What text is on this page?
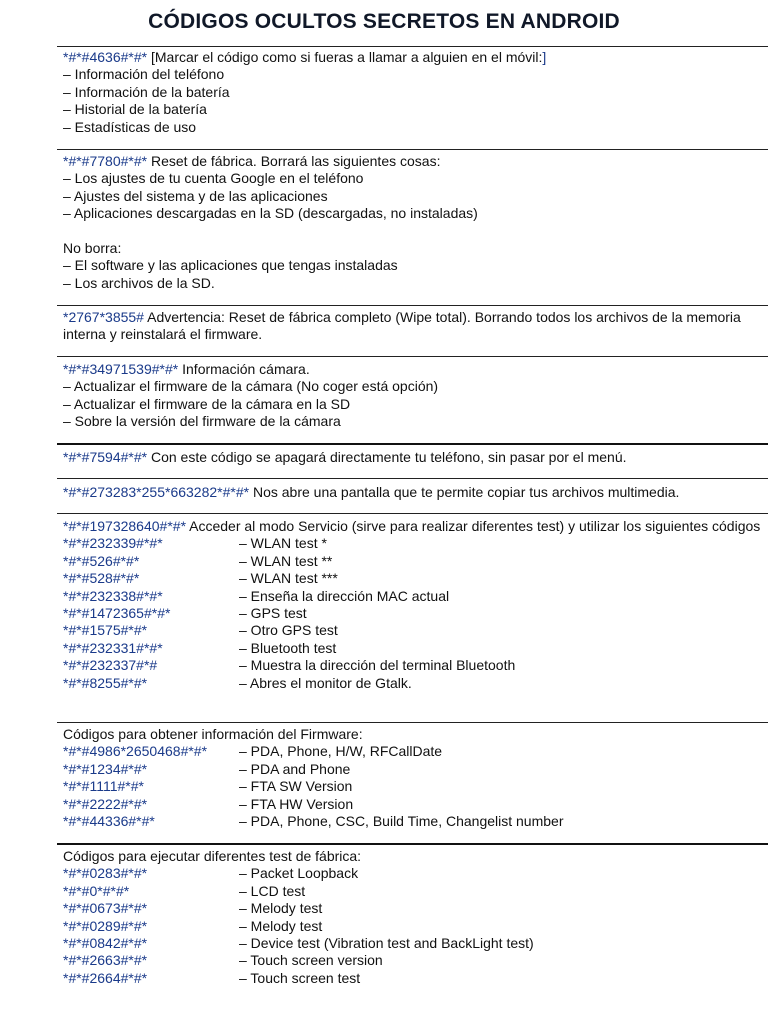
CÓDIGOS OCULTOS SECRETOS EN ANDROID
*#*#4636#*#* [Marcar el código como si fueras a llamar a alguien en el móvil:]
– Información del teléfono
– Información de la batería
– Historial de la batería
– Estadísticas de uso
*#*#7780#*#* Reset de fábrica. Borrará las siguientes cosas:
– Los ajustes de tu cuenta Google en el teléfono
– Ajustes del sistema y de las aplicaciones
– Aplicaciones descargadas en la SD (descargadas, no instaladas)
No borra:
– El software y las aplicaciones que tengas instaladas
– Los archivos de la SD.
*2767*3855# Advertencia: Reset de fábrica completo (Wipe total). Borrando todos los archivos de la memoria interna y reinstalará el firmware.
*#*#34971539#*#* Información cámara.
– Actualizar el firmware de la cámara (No coger está opción)
– Actualizar el firmware de la cámara en la SD
– Sobre la versión del firmware de la cámara
*#*#7594#*#* Con este código se apagará directamente tu teléfono, sin pasar por el menú.
*#*#273283*255*663282*#*#* Nos abre una pantalla que te permite copiar tus archivos multimedia.
*#*#197328640#*#* Acceder al modo Servicio (sirve para realizar diferentes test) y utilizar los siguientes códigos
*#*#232339#*#*	– WLAN test *
*#*#526#*#*	– WLAN test **
*#*#528#*#*	– WLAN test ***
*#*#232338#*#*	– Enseña la dirección MAC actual
*#*#1472365#*#*	– GPS test
*#*#1575#*#*	– Otro GPS test
*#*#232331#*#*	– Bluetooth test
*#*#232337#*#	– Muestra la dirección del terminal Bluetooth
*#*#8255#*#*	– Abres el monitor de Gtalk.
Códigos para obtener información del Firmware:
*#*#4986*2650468#*#*	– PDA, Phone, H/W, RFCallDate
*#*#1234#*#*	– PDA and Phone
*#*#1111#*#*	– FTA SW Version
*#*#2222#*#*	– FTA HW Version
*#*#44336#*#*	– PDA, Phone, CSC, Build Time, Changelist number
Códigos para ejecutar diferentes test de fábrica:
*#*#0283#*#*	– Packet Loopback
*#*#0*#*#*	– LCD test
*#*#0673#*#*	– Melody test
*#*#0289#*#*	– Melody test
*#*#0842#*#*	– Device test (Vibration test and BackLight test)
*#*#2663#*#*	– Touch screen version
*#*#2664#*#*	– Touch screen test
